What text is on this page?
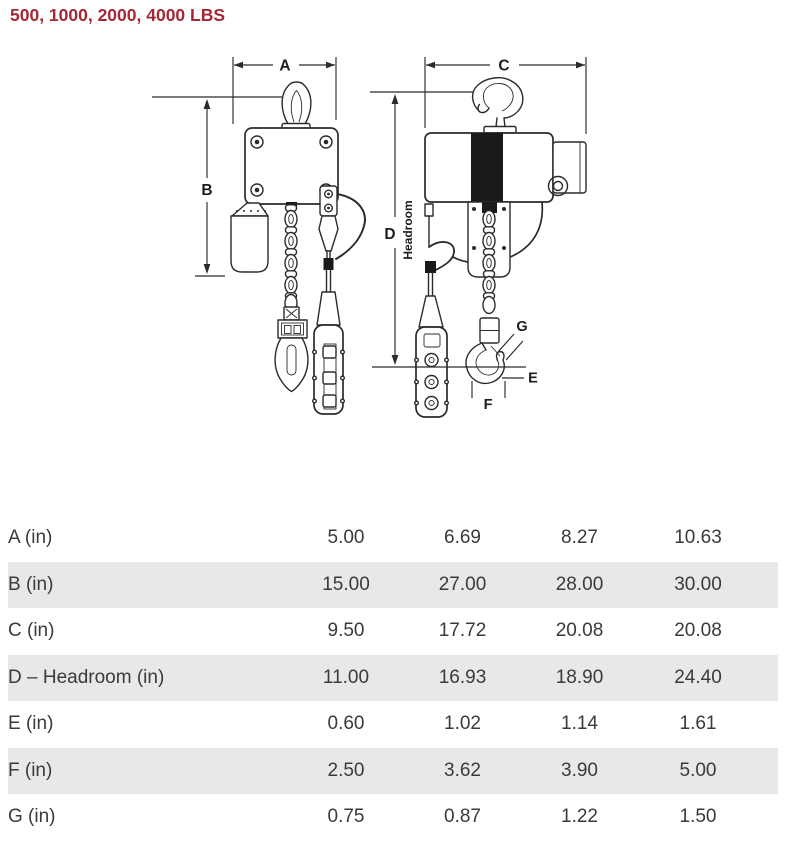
500, 1000, 2000, 4000 LBS
A
B
C
D Headroom
E
F
G
A (in)	5.00	6.69	8.27	10.63	
B (in)	15.00	27.00	28.00	30.00	
C (in)	9.50	17.72	20.08	20.08	
D – Headroom (in)	11.00	16.93	18.90	24.40	
E (in)	0.60	1.02	1.14	1.61	
F (in)	2.50	3.62	3.90	5.00	
G (in)	0.75	0.87	1.22	1.50	
